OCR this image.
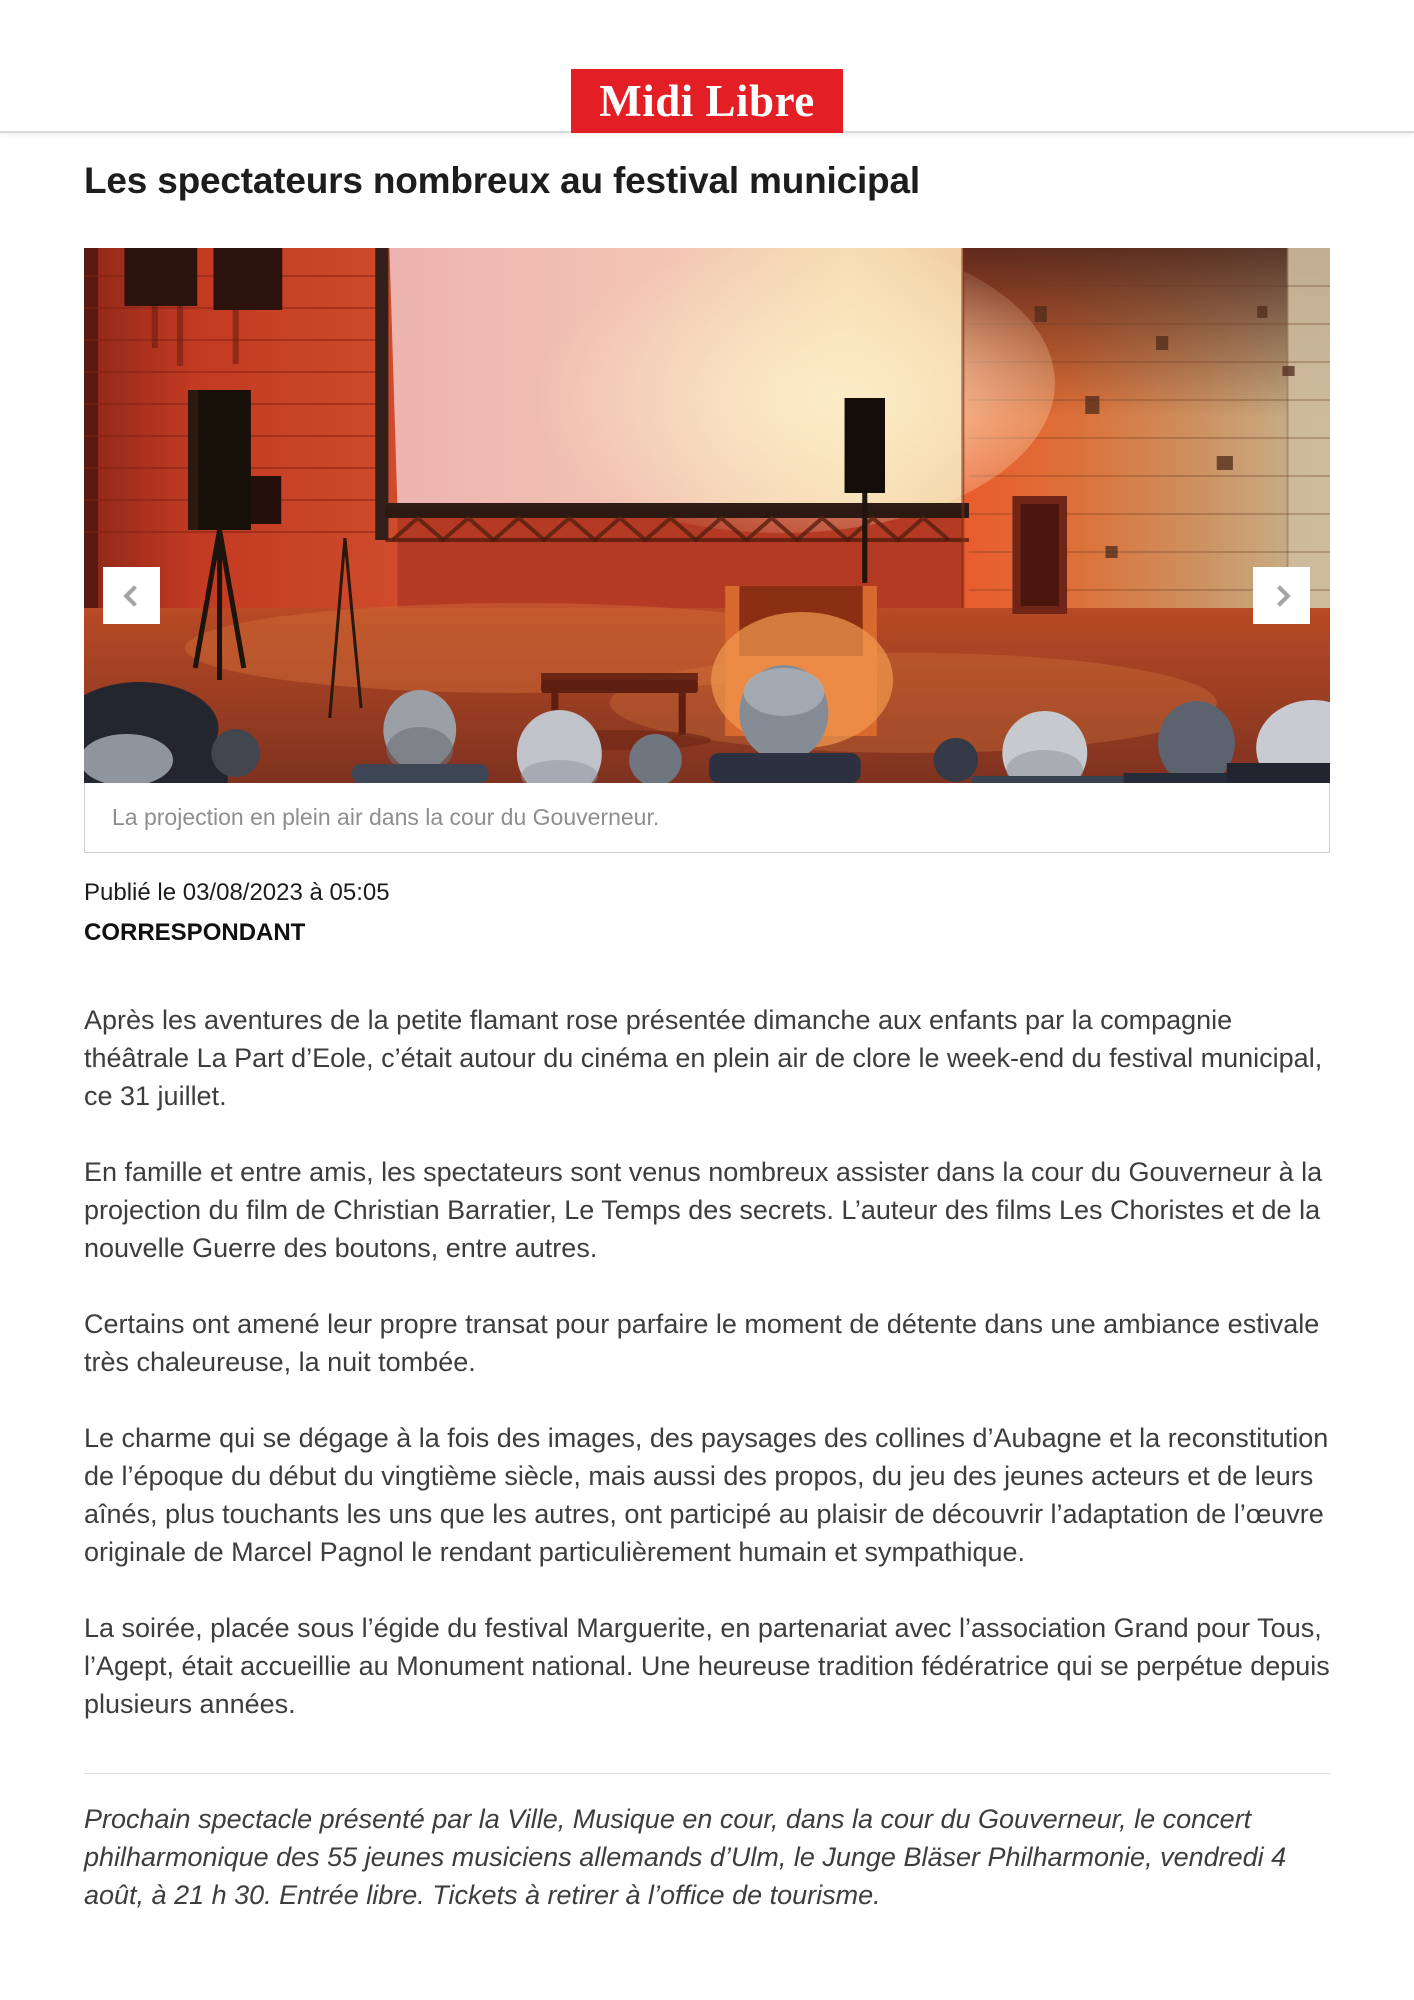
Midi Libre
Les spectateurs nombreux au festival municipal
La projection en plein air dans la cour du Gouverneur.
Publié le 03/08/2023 à 05:05
CORRESPONDANT

Après les aventures de la petite flamant rose présentée dimanche aux enfants par la compagnie théâtrale La Part d’Eole, c’était autour du cinéma en plein air de clore le week-end du festival municipal, ce 31 juillet.

En famille et entre amis, les spectateurs sont venus nombreux assister dans la cour du Gouverneur à la projection du film de Christian Barratier, Le Temps des secrets. L’auteur des films Les Choristes et de la nouvelle Guerre des boutons, entre autres.

Certains ont amené leur propre transat pour parfaire le moment de détente dans une ambiance estivale très chaleureuse, la nuit tombée.

Le charme qui se dégage à la fois des images, des paysages des collines d’Aubagne et la reconstitution de l’époque du début du vingtième siècle, mais aussi des propos, du jeu des jeunes acteurs et de leurs aînés, plus touchants les uns que les autres, ont participé au plaisir de découvrir l’adaptation de l’œuvre originale de Marcel Pagnol le rendant particulièrement humain et sympathique.

La soirée, placée sous l’égide du festival Marguerite, en partenariat avec l’association Grand pour Tous, l’Agept, était accueillie au Monument national. Une heureuse tradition fédératrice qui se perpétue depuis plusieurs années.

Prochain spectacle présenté par la Ville, Musique en cour, dans la cour du Gouverneur, le concert philharmonique des 55 jeunes musiciens allemands d’Ulm, le Junge Bläser Philharmonie, vendredi 4 août, à 21 h 30. Entrée libre. Tickets à retirer à l’office de tourisme.
